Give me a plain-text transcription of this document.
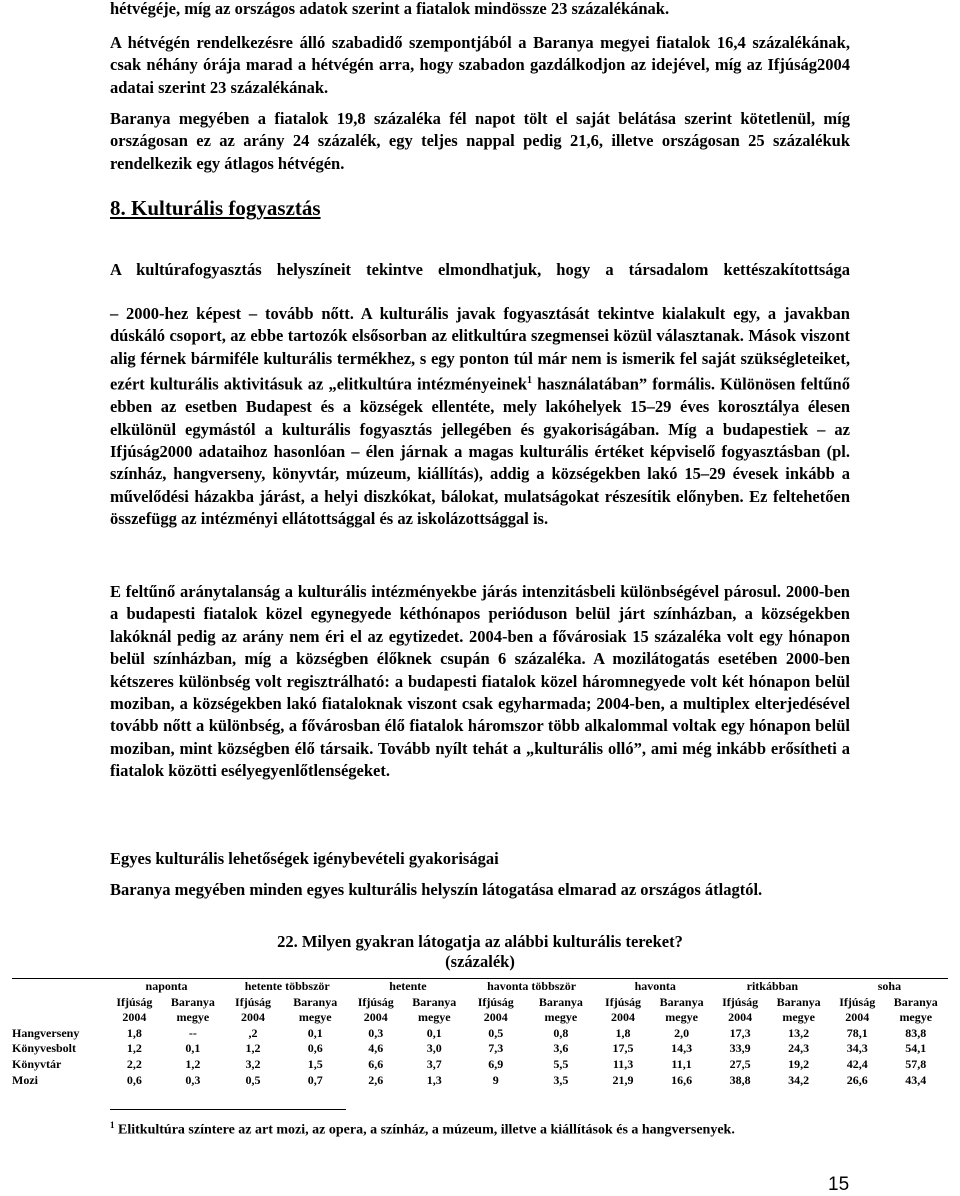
hétvégéje, míg az országos adatok szerint a fiatalok mindössze 23 százalékának.

A hétvégén rendelkezésre álló szabadidő szempontjából a Baranya megyei fiatalok 16,4 százalékának, csak néhány órája marad a hétvégén arra, hogy szabadon gazdálkodjon az idejével, míg az Ifjúság2004 adatai szerint 23 százalékának.

Baranya megyében a fiatalok 19,8 százaléka fél napot tölt el saját belátása szerint kötetlenül, míg országosan ez az arány 24 százalék, egy teljes nappal pedig 21,6, illetve országosan 25 százalékuk rendelkezik egy átlagos hétvégén.

8. Kulturális fogyasztás

A kultúrafogyasztás helyszíneit tekintve elmondhatjuk, hogy a társadalom kettészakítottsága

– 2000-hez képest – tovább nőtt. A kulturális javak fogyasztását tekintve kialakult egy, a javakban dúskáló csoport, az ebbe tartozók elsősorban az elitkultúra szegmensei közül választanak. Mások viszont alig férnek bármiféle kulturális termékhez, s egy ponton túl már nem is ismerik fel saját szükségleteiket, ezért kulturális aktivitásuk az „elitkultúra intézményeinek$^1$ használatában” formális. Különösen feltűnő ebben az esetben Budapest és a községek ellentéte, mely lakóhelyek 15–29 éves korosztálya élesen elkülönül egymástól a kulturális fogyasztás jellegében és gyakoriságában. Míg a budapestiek – az Ifjúság2000 adataihoz hasonlóan – élen járnak a magas kulturális értéket képviselő fogyasztásban (pl. színház, hangverseny, könyvtár, múzeum, kiállítás), addig a községekben lakó 15–29 évesek inkább a művelődési házakba járást, a helyi diszkókat, bálokat, mulatságokat részesítik előnyben. Ez feltehetően összefügg az intézményi ellátottsággal és az iskolázottsággal is.

E feltűnő aránytalanság a kulturális intézményekbe járás intenzitásbeli különbségével párosul. 2000-ben a budapesti fiatalok közel egynegyede kéthónapos perióduson belül járt színházban, a községekben lakóknál pedig az arány nem éri el az egytizedet. 2004-ben a fővárosiak 15 százaléka volt egy hónapon belül színházban, míg a községben élőknek csupán 6 százaléka. A mozilátogatás esetében 2000-ben kétszeres különbség volt regisztrálható: a budapesti fiatalok közel háromnegyede volt két hónapon belül moziban, a községekben lakó fiataloknak viszont csak egyharmada; 2004-ben, a multiplex elterjedésével tovább nőtt a különbség, a fővárosban élő fiatalok háromszor több alkalommal voltak egy hónapon belül moziban, mint községben élő társaik. Tovább nyílt tehát a „kulturális olló”, ami még inkább erősítheti a fiatalok közötti esélyegyenlőtlenségeket.

Egyes kulturális lehetőségek igénybevételi gyakoriságai

Baranya megyében minden egyes kulturális helyszín látogatása elmarad az országos átlagtól.

22. Milyen gyakran látogatja az alábbi kulturális tereket?
(százalék)

	naponta		hetente többször		hetente		havonta többször		havonta		ritkábban		soha	
	Ifjúság	Baranya	Ifjúság	Baranya	Ifjúság	Baranya	Ifjúság	Baranya	Ifjúság	Baranya	Ifjúság	Baranya	Ifjúság	Baranya
	2004	megye	2004	megye	2004	megye	2004	megye	2004	megye	2004	megye	2004	megye
Hangverseny	1,8	--	,2	0,1	0,3	0,1	0,5	0,8	1,8	2,0	17,3	13,2	78,1	83,8
Könyvesbolt	1,2	0,1	1,2	0,6	4,6	3,0	7,3	3,6	17,5	14,3	33,9	24,3	34,3	54,1
Könyvtár	2,2	1,2	3,2	1,5	6,6	3,7	6,9	5,5	11,3	11,1	27,5	19,2	42,4	57,8
Mozi	0,6	0,3	0,5	0,7	2,6	1,3	9	3,5	21,9	16,6	38,8	34,2	26,6	43,4

$^1$ Elitkultúra színtere az art mozi, az opera, a színház, a múzeum, illetve a kiállítások és a hangversenyek.

15
